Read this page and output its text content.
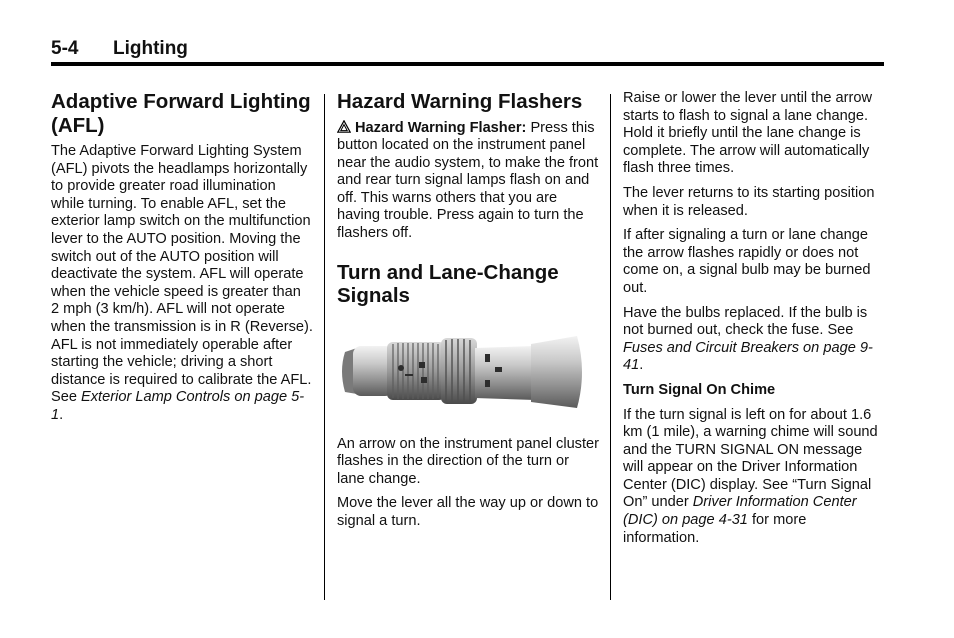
5-4 Lighting
Adaptive Forward Lighting (AFL)

The Adaptive Forward Lighting System (AFL) pivots the headlamps horizontally to provide greater road illumination while turning. To enable AFL, set the exterior lamp switch on the multifunction lever to the AUTO position. Moving the switch out of the AUTO position will deactivate the system. AFL will operate when the vehicle speed is greater than 2 mph (3 km/h). AFL will not operate when the transmission is in R (Reverse). AFL is not immediately operable after starting the vehicle; driving a short distance is required to calibrate the AFL. See Exterior Lamp Controls on page 5-1.

Hazard Warning Flashers

Hazard Warning Flasher: Press this button located on the instrument panel near the audio system, to make the front and rear turn signal lamps flash on and off. This warns others that you are having trouble. Press again to turn the flashers off.

Turn and Lane-Change Signals

An arrow on the instrument panel cluster flashes in the direction of the turn or lane change.

Move the lever all the way up or down to signal a turn.

Raise or lower the lever until the arrow starts to flash to signal a lane change. Hold it briefly until the lane change is complete. The arrow will automatically flash three times.

The lever returns to its starting position when it is released.

If after signaling a turn or lane change the arrow flashes rapidly or does not come on, a signal bulb may be burned out.

Have the bulbs replaced. If the bulb is not burned out, check the fuse. See Fuses and Circuit Breakers on page 9-41.

Turn Signal On Chime

If the turn signal is left on for about 1.6 km (1 mile), a warning chime will sound and the TURN SIGNAL ON message will appear on the Driver Information Center (DIC) display. See “Turn Signal On” under Driver Information Center (DIC) on page 4-31 for more information.
